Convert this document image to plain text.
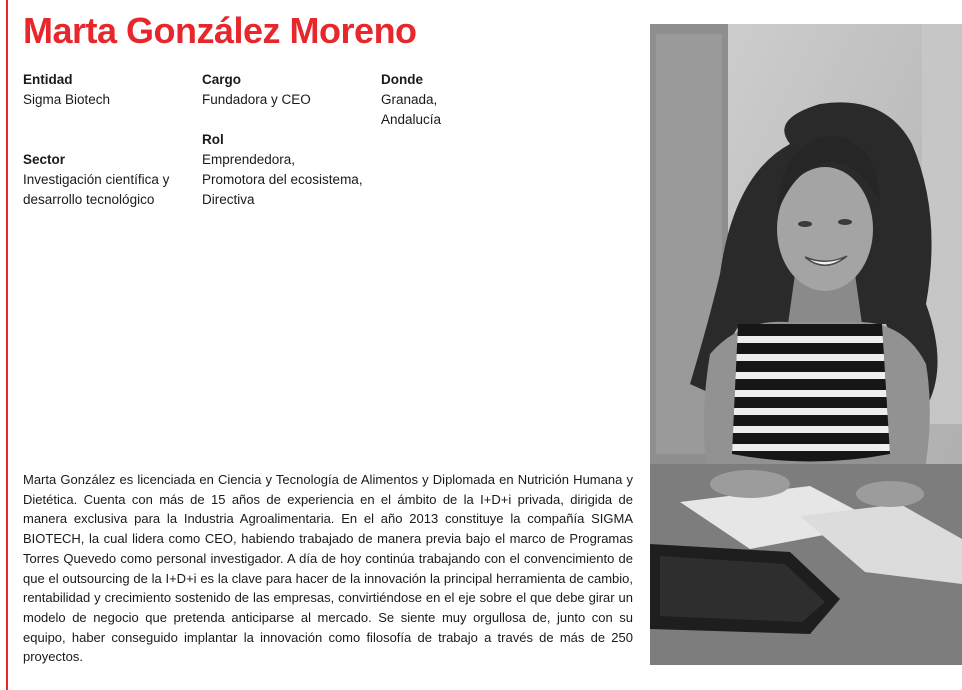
Marta González Moreno
Entidad
Sigma Biotech
Cargo
Fundadora y CEO
Donde
Granada,
Andalucía
Rol
Emprendedora,
Promotora del ecosistema,
Directiva
Sector
Investigación científica y
desarrollo tecnológico

Marta González es licenciada en Ciencia y Tecnología de Alimentos y Diplomada en Nutrición Humana y Dietética. Cuenta con más de 15 años de experiencia en el ámbito de la I+D+i privada, dirigida de manera exclusiva para la Industria Agroalimentaria. En el año 2013 constituye la compañía SIGMA BIOTECH, la cual lidera como CEO, habiendo trabajado de manera previa bajo el marco de Programas Torres Quevedo como personal investigador. A día de hoy continúa trabajando con el convencimiento de que el outsourcing de la I+D+i es la clave para hacer de la innovación la principal herramienta de cambio, rentabilidad y crecimiento sostenido de las empresas, convirtiéndose en el eje sobre el que debe girar un modelo de negocio que pretenda anticiparse al mercado. Se siente muy orgullosa de, junto con su equipo, haber conseguido implantar la innovación como filosofía de trabajo a través de más de 250 proyectos.
